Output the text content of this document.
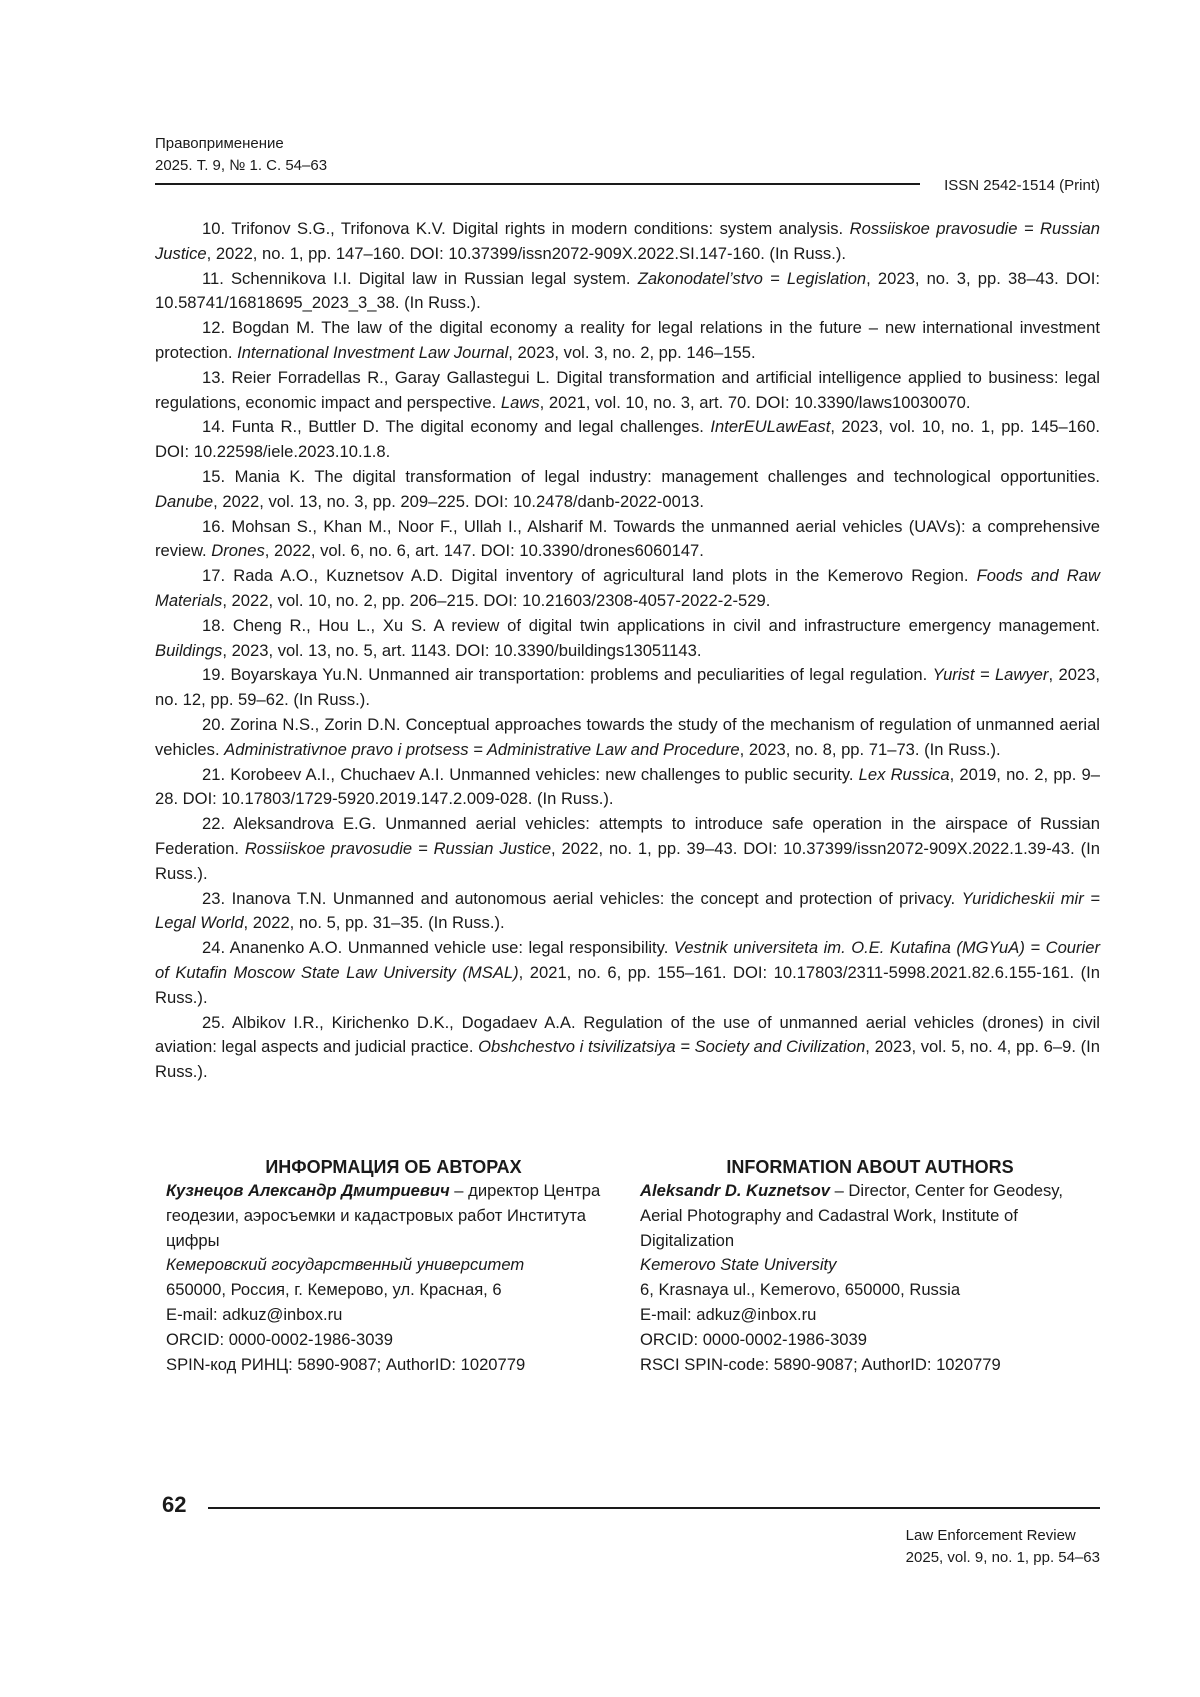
Правоприменение
2025. Т. 9, № 1. С. 54–63
ISSN 2542-1514 (Print)

10. Trifonov S.G., Trifonova K.V. Digital rights in modern conditions: system analysis. Rossiiskoe pravosudie = Russian Justice, 2022, no. 1, pp. 147–160. DOI: 10.37399/issn2072-909X.2022.SI.147-160. (In Russ.).

11. Schennikova I.I. Digital law in Russian legal system. Zakonodatel’stvo = Legislation, 2023, no. 3, pp. 38–43. DOI: 10.58741/16818695_2023_3_38. (In Russ.).

12. Bogdan M. The law of the digital economy a reality for legal relations in the future – new international investment protection. International Investment Law Journal, 2023, vol. 3, no. 2, pp. 146–155.

13. Reier Forradellas R., Garay Gallastegui L. Digital transformation and artificial intelligence applied to business: legal regulations, economic impact and perspective. Laws, 2021, vol. 10, no. 3, art. 70. DOI: 10.3390/laws10030070.

14. Funta R., Buttler D. The digital economy and legal challenges. InterEULawEast, 2023, vol. 10, no. 1, pp. 145–160. DOI: 10.22598/iele.2023.10.1.8.

15. Mania K. The digital transformation of legal industry: management challenges and technological opportunities. Danube, 2022, vol. 13, no. 3, pp. 209–225. DOI: 10.2478/danb-2022-0013.

16. Mohsan S., Khan M., Noor F., Ullah I., Alsharif M. Towards the unmanned aerial vehicles (UAVs): a comprehensive review. Drones, 2022, vol. 6, no. 6, art. 147. DOI: 10.3390/drones6060147.

17. Rada A.O., Kuznetsov A.D. Digital inventory of agricultural land plots in the Kemerovo Region. Foods and Raw Materials, 2022, vol. 10, no. 2, pp. 206–215. DOI: 10.21603/2308-4057-2022-2-529.

18. Cheng R., Hou L., Xu S. A review of digital twin applications in civil and infrastructure emergency management. Buildings, 2023, vol. 13, no. 5, art. 1143. DOI: 10.3390/buildings13051143.

19. Boyarskaya Yu.N. Unmanned air transportation: problems and peculiarities of legal regulation. Yurist = Lawyer, 2023, no. 12, pp. 59–62. (In Russ.).

20. Zorina N.S., Zorin D.N. Conceptual approaches towards the study of the mechanism of regulation of unmanned aerial vehicles. Administrativnoe pravo i protsess = Administrative Law and Procedure, 2023, no. 8, pp. 71–73. (In Russ.).

21. Korobeev A.I., Chuchaev A.I. Unmanned vehicles: new challenges to public security. Lex Russica, 2019, no. 2, pp. 9–28. DOI: 10.17803/1729-5920.2019.147.2.009-028. (In Russ.).

22. Aleksandrova E.G. Unmanned aerial vehicles: attempts to introduce safe operation in the airspace of Russian Federation. Rossiiskoe pravosudie = Russian Justice, 2022, no. 1, pp. 39–43. DOI: 10.37399/issn2072-909X.2022.1.39-43. (In Russ.).

23. Inanova T.N. Unmanned and autonomous aerial vehicles: the concept and protection of privacy. Yuridicheskii mir = Legal World, 2022, no. 5, pp. 31–35. (In Russ.).

24. Ananenko A.O. Unmanned vehicle use: legal responsibility. Vestnik universiteta im. O.E. Kutafina (MGYuA) = Courier of Kutafin Moscow State Law University (MSAL), 2021, no. 6, pp. 155–161. DOI: 10.17803/2311-5998.2021.82.6.155-161. (In Russ.).

25. Albikov I.R., Kirichenko D.K., Dogadaev A.A. Regulation of the use of unmanned aerial vehicles (drones) in civil aviation: legal aspects and judicial practice. Obshchestvo i tsivilizatsiya = Society and Civilization, 2023, vol. 5, no. 4, pp. 6–9. (In Russ.).

ИНФОРМАЦИЯ ОБ АВТОРАХ
Кузнецов Александр Дмитриевич – директор Центра геодезии, аэросъемки и кадастровых работ Института цифры
Кемеровский государственный университет
650000, Россия, г. Кемерово, ул. Красная, 6
E-mail: adkuz@inbox.ru
ORCID: 0000-0002-1986-3039
SPIN-код РИНЦ: 5890-9087; AuthorID: 1020779
INFORMATION ABOUT AUTHORS
Aleksandr D. Kuznetsov – Director, Center for Geodesy, Aerial Photography and Cadastral Work, Institute of Digitalization
Kemerovo State University
6, Krasnaya ul., Kemerovo, 650000, Russia
E-mail: adkuz@inbox.ru
ORCID: 0000-0002-1986-3039
RSCI SPIN-code: 5890-9087; AuthorID: 1020779
62
Law Enforcement Review
2025, vol. 9, no. 1, pp. 54–63
